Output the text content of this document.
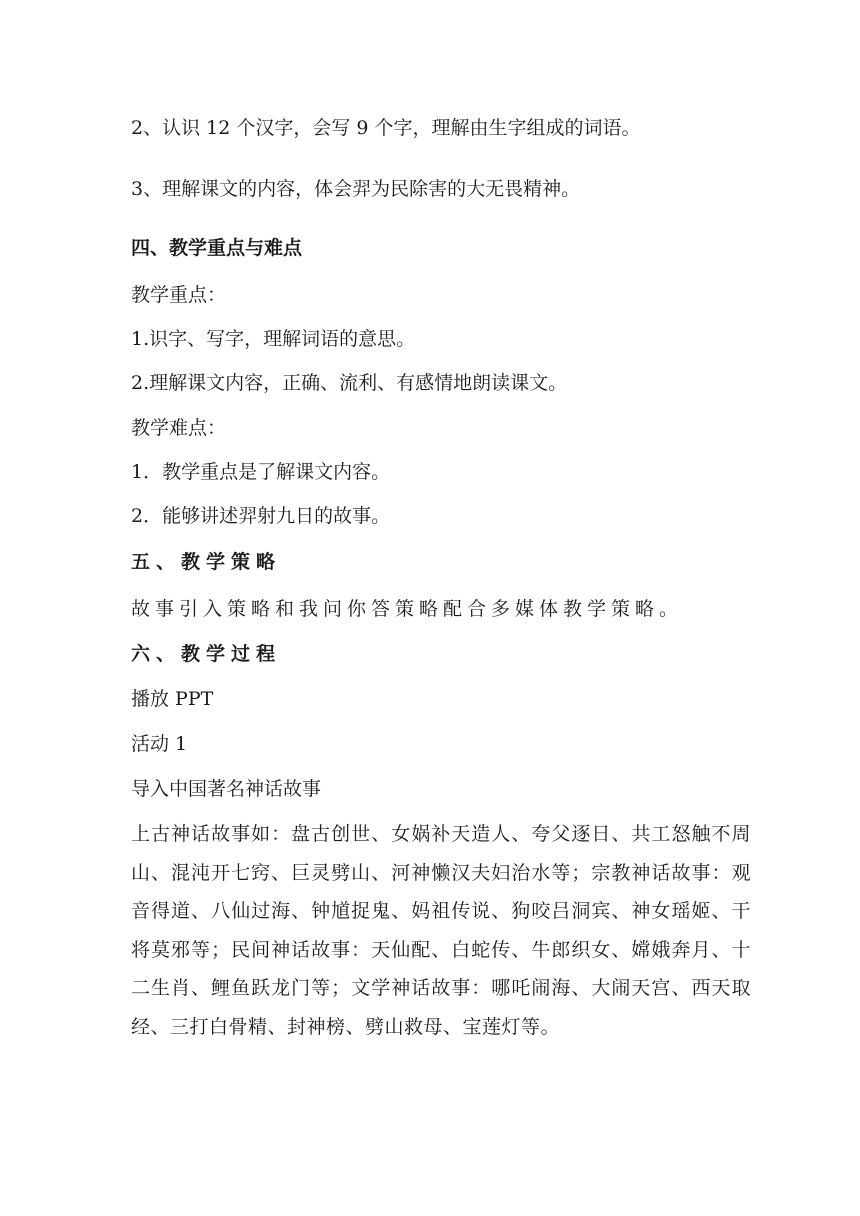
2、认识 12 个汉字，会写 9 个字，理解由生字组成的词语。
3、理解课文的内容，体会羿为民除害的大无畏精神。
四、教学重点与难点
教学重点：
1.识字、写字，理解词语的意思。
2.理解课文内容，正确、流利、有感情地朗读课文。
教学难点：
1．教学重点是了解课文内容。
2．能够讲述羿射九日的故事。
五、教学策略
故事引入策略和我问你答策略配合多媒体教学策略。
六、教学过程
播放 PPT
活动 1
导入中国著名神话故事
上古神话故事如：盘古创世、女娲补天造人、夸父逐日、共工怒触不周山、混沌开七窍、巨灵劈山、河神懒汉夫妇治水等；宗教神话故事：观音得道、八仙过海、钟馗捉鬼、妈祖传说、狗咬吕洞宾、神女瑶姬、干将莫邪等；民间神话故事：天仙配、白蛇传、牛郎织女、嫦娥奔月、十二生肖、鲤鱼跃龙门等；文学神话故事：哪吒闹海、大闹天宫、西天取经、三打白骨精、封神榜、劈山救母、宝莲灯等。
